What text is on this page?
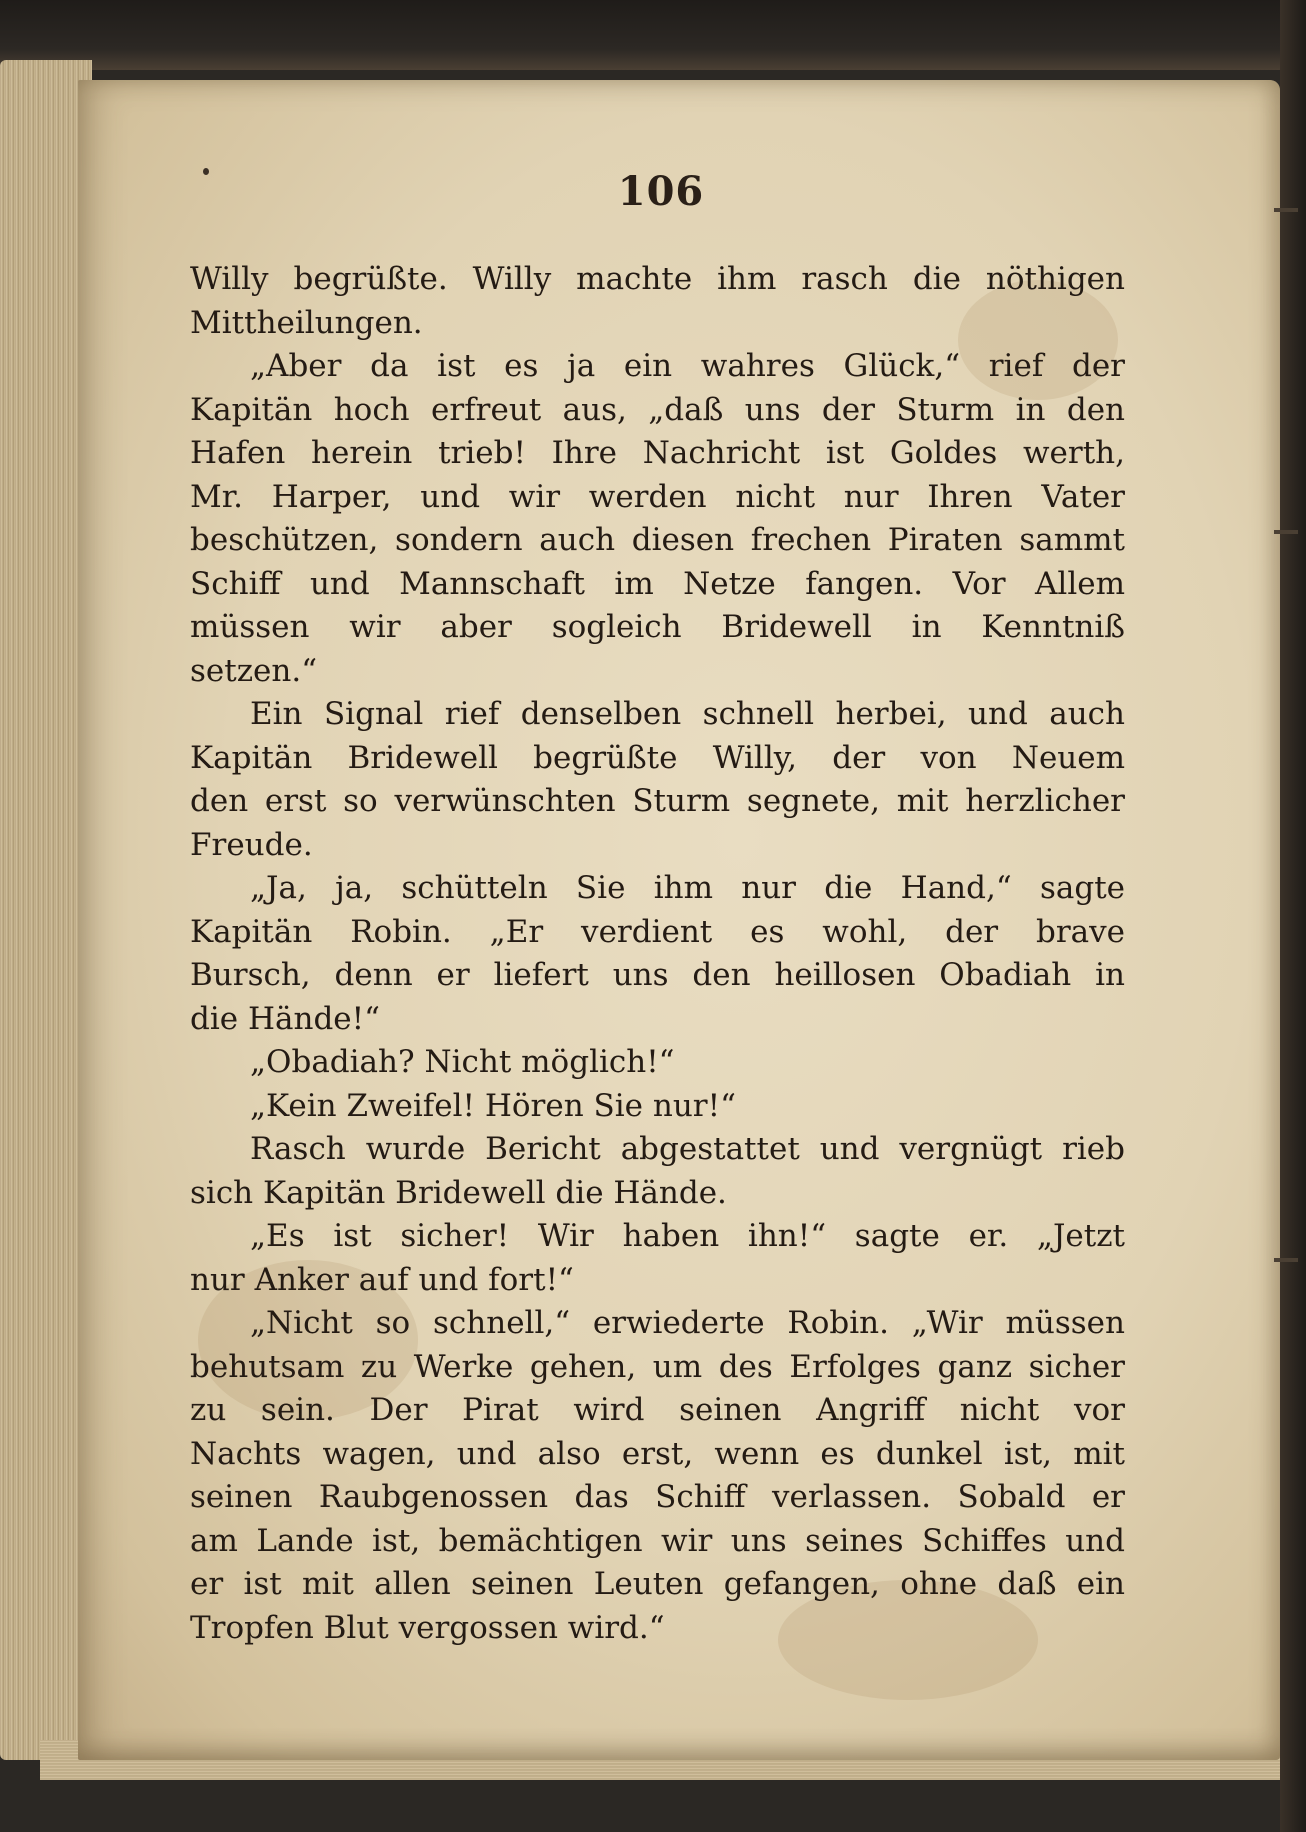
106
Willy begrüßte. Willy machte ihm rasch die nöthigen
Mittheilungen.
„Aber da ist es ja ein wahres Glück,“ rief der
Kapitän hoch erfreut aus, „daß uns der Sturm in den
Hafen herein trieb! Ihre Nachricht ist Goldes werth,
Mr. Harper, und wir werden nicht nur Ihren Vater
beschützen, sondern auch diesen frechen Piraten sammt
Schiff und Mannschaft im Netze fangen. Vor Allem
müssen wir aber sogleich Bridewell in Kenntniß
setzen.“
Ein Signal rief denselben schnell herbei, und auch
Kapitän Bridewell begrüßte Willy, der von Neuem
den erst so verwünschten Sturm segnete, mit herzlicher
Freude.
„Ja, ja, schütteln Sie ihm nur die Hand,“ sagte
Kapitän Robin. „Er verdient es wohl, der brave
Bursch, denn er liefert uns den heillosen Obadiah in
die Hände!“
„Obadiah? Nicht möglich!“
„Kein Zweifel! Hören Sie nur!“
Rasch wurde Bericht abgestattet und vergnügt rieb
sich Kapitän Bridewell die Hände.
„Es ist sicher! Wir haben ihn!“ sagte er. „Jetzt
nur Anker auf und fort!“
„Nicht so schnell,“ erwiederte Robin. „Wir müssen
behutsam zu Werke gehen, um des Erfolges ganz sicher
zu sein. Der Pirat wird seinen Angriff nicht vor
Nachts wagen, und also erst, wenn es dunkel ist, mit
seinen Raubgenossen das Schiff verlassen. Sobald er
am Lande ist, bemächtigen wir uns seines Schiffes und
er ist mit allen seinen Leuten gefangen, ohne daß ein
Tropfen Blut vergossen wird.“
